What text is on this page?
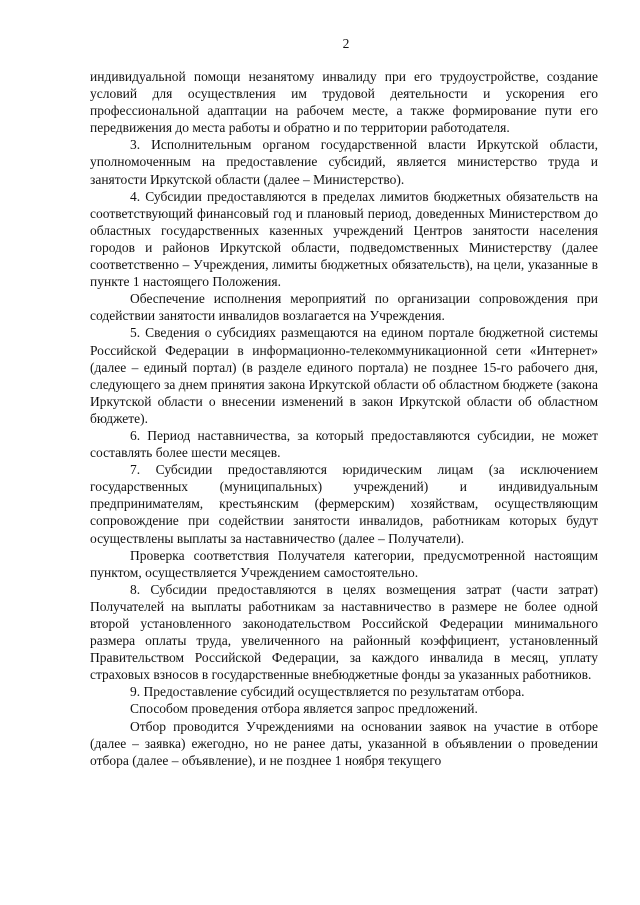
2

индивидуальной помощи незанятому инвалиду при его трудоустройстве, создание условий для осуществления им трудовой деятельности и ускорения его профессиональной адаптации на рабочем месте, а также формирование пути его передвижения до места работы и обратно и по территории работодателя.

3. Исполнительным органом государственной власти Иркутской области, уполномоченным на предоставление субсидий, является министерство труда и занятости Иркутской области (далее – Министерство).

4. Субсидии предоставляются в пределах лимитов бюджетных обязательств на соответствующий финансовый год и плановый период, доведенных Министерством до областных государственных казенных учреждений Центров занятости населения городов и районов Иркутской области, подведомственных Министерству (далее соответственно – Учреждения, лимиты бюджетных обязательств), на цели, указанные в пункте 1 настоящего Положения.

Обеспечение исполнения мероприятий по организации сопровождения при содействии занятости инвалидов возлагается на Учреждения.

5. Сведения о субсидиях размещаются на едином портале бюджетной системы Российской Федерации в информационно-телекоммуникационной сети «Интернет» (далее – единый портал) (в разделе единого портала) не позднее 15-го рабочего дня, следующего за днем принятия закона Иркутской области об областном бюджете (закона Иркутской области о внесении изменений в закон Иркутской области об областном бюджете).

6. Период наставничества, за который предоставляются субсидии, не может составлять более шести месяцев.

7. Субсидии предоставляются юридическим лицам (за исключением государственных (муниципальных) учреждений) и индивидуальным предпринимателям, крестьянским (фермерским) хозяйствам, осуществляющим сопровождение при содействии занятости инвалидов, работникам которых будут осуществлены выплаты за наставничество (далее – Получатели).

Проверка соответствия Получателя категории, предусмотренной настоящим пунктом, осуществляется Учреждением самостоятельно.

8. Субсидии предоставляются в целях возмещения затрат (части затрат) Получателей на выплаты работникам за наставничество в размере не более одной второй установленного законодательством Российской Федерации минимального размера оплаты труда, увеличенного на районный коэффициент, установленный Правительством Российской Федерации, за каждого инвалида в месяц, уплату страховых взносов в государственные внебюджетные фонды за указанных работников.

9. Предоставление субсидий осуществляется по результатам отбора.

Способом проведения отбора является запрос предложений.

Отбор проводится Учреждениями на основании заявок на участие в отборе (далее – заявка) ежегодно, но не ранее даты, указанной в объявлении о проведении отбора (далее – объявление), и не позднее 1 ноября текущего
